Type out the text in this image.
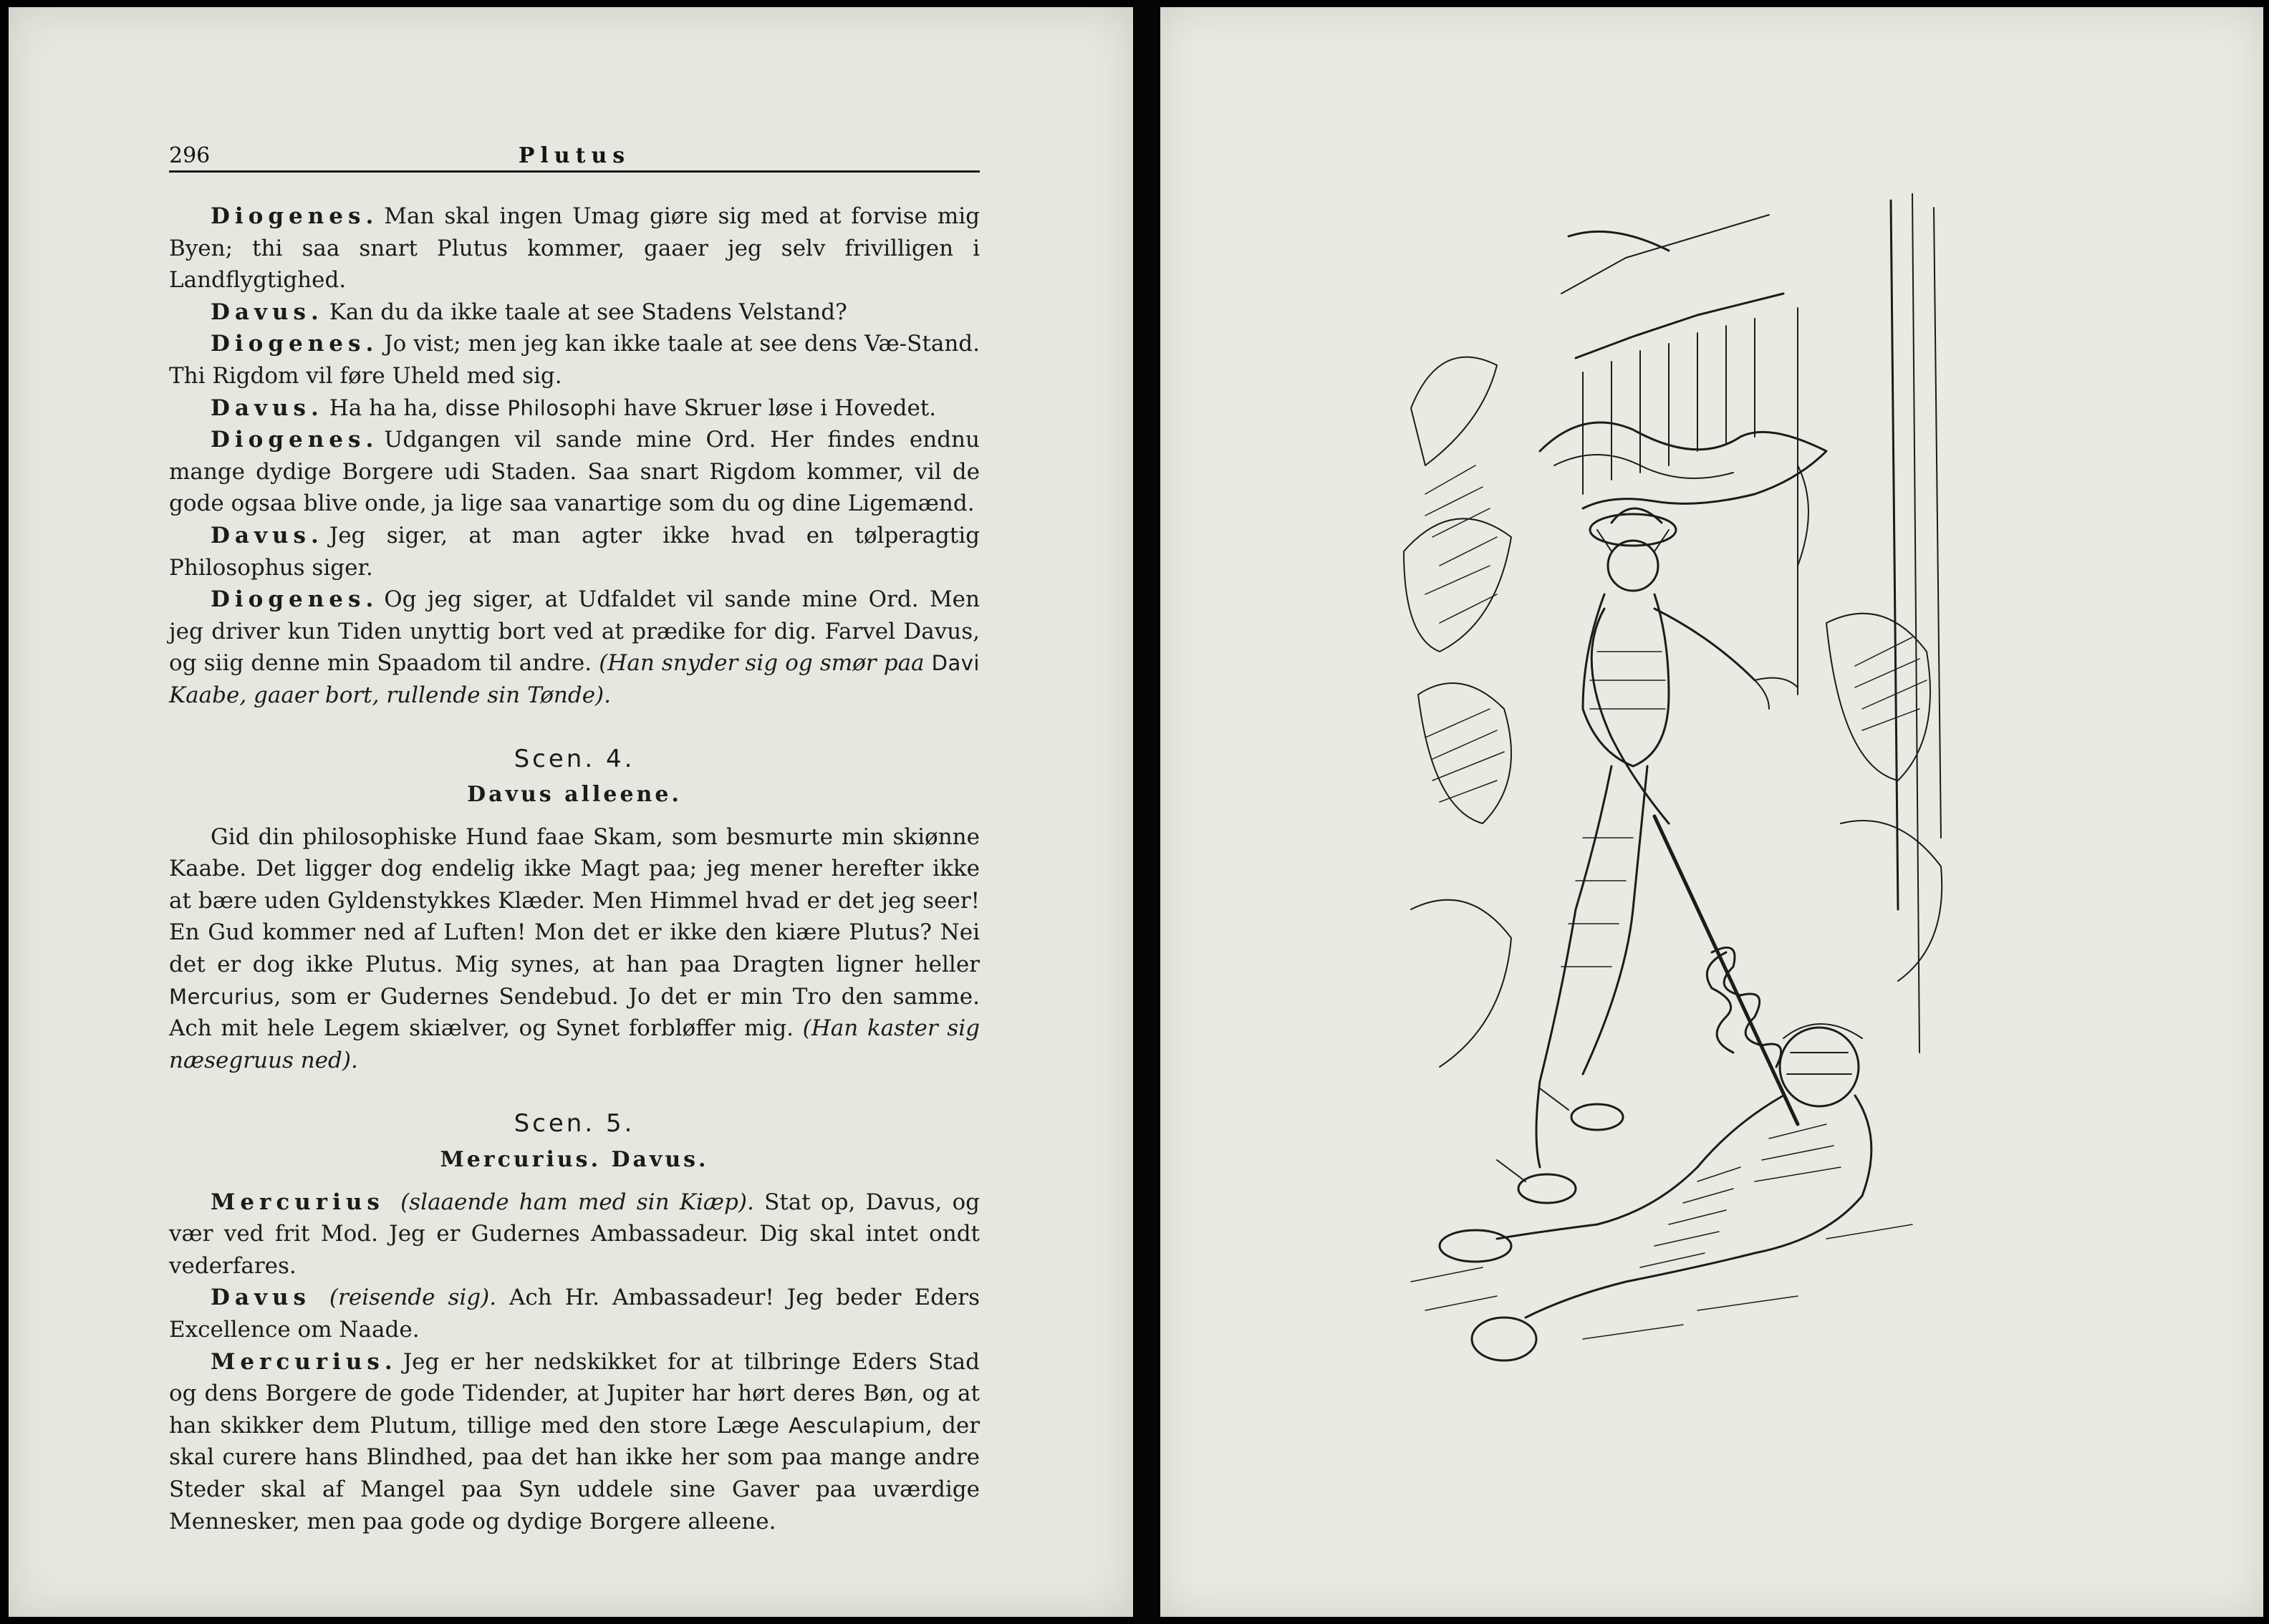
296	Plutus

Diogenes. Man skal ingen Umag giøre sig med at forvise mig Byen; thi saa snart Plutus kommer, gaaer jeg selv frivilligen i Landflygtighed.

Davus. Kan du da ikke taale at see Stadens Velstand?

Diogenes. Jo vist; men jeg kan ikke taale at see dens Væ-Stand. Thi Rigdom vil føre Uheld med sig.

Davus. Ha ha ha, disse Philosophi have Skruer løse i Hovedet.

Diogenes. Udgangen vil sande mine Ord. Her findes endnu mange dydige Borgere udi Staden. Saa snart Rigdom kommer, vil de gode ogsaa blive onde, ja lige saa vanartige som du og dine Ligemænd.

Davus. Jeg siger, at man agter ikke hvad en tølperagtig Philosophus siger.

Diogenes. Og jeg siger, at Udfaldet vil sande mine Ord. Men jeg driver kun Tiden unyttig bort ved at prædike for dig. Farvel Davus, og siig denne min Spaadom til andre. (Han snyder sig og smør paa Davi Kaabe, gaaer bort, rullende sin Tønde).

Scen. 4.

Davus alleene.

Gid din philosophiske Hund faae Skam, som besmurte min skiønne Kaabe. Det ligger dog endelig ikke Magt paa; jeg mener herefter ikke at bære uden Gyldenstykkes Klæder. Men Himmel hvad er det jeg seer! En Gud kommer ned af Luften! Mon det er ikke den kiære Plutus? Nei det er dog ikke Plutus. Mig synes, at han paa Dragten ligner heller Mercurius, som er Gudernes Sendebud. Jo det er min Tro den samme. Ach mit hele Legem skiælver, og Synet forbløffer mig. (Han kaster sig næsegruus ned).

Scen. 5.

Mercurius. Davus.

Mercurius (slaaende ham med sin Kiæp). Stat op, Davus, og vær ved frit Mod. Jeg er Gudernes Ambassadeur. Dig skal intet ondt vederfares.

Davus (reisende sig). Ach Hr. Ambassadeur! Jeg beder Eders Excellence om Naade.

Mercurius. Jeg er her nedskikket for at tilbringe Eders Stad og dens Borgere de gode Tidender, at Jupiter har hørt deres Bøn, og at han skikker dem Plutum, tillige med den store Læge Aesculapium, der skal curere hans Blindhed, paa det han ikke her som paa mange andre Steder skal af Mangel paa Syn uddele sine Gaver paa uværdige Mennesker, men paa gode og dydige Borgere alleene.
